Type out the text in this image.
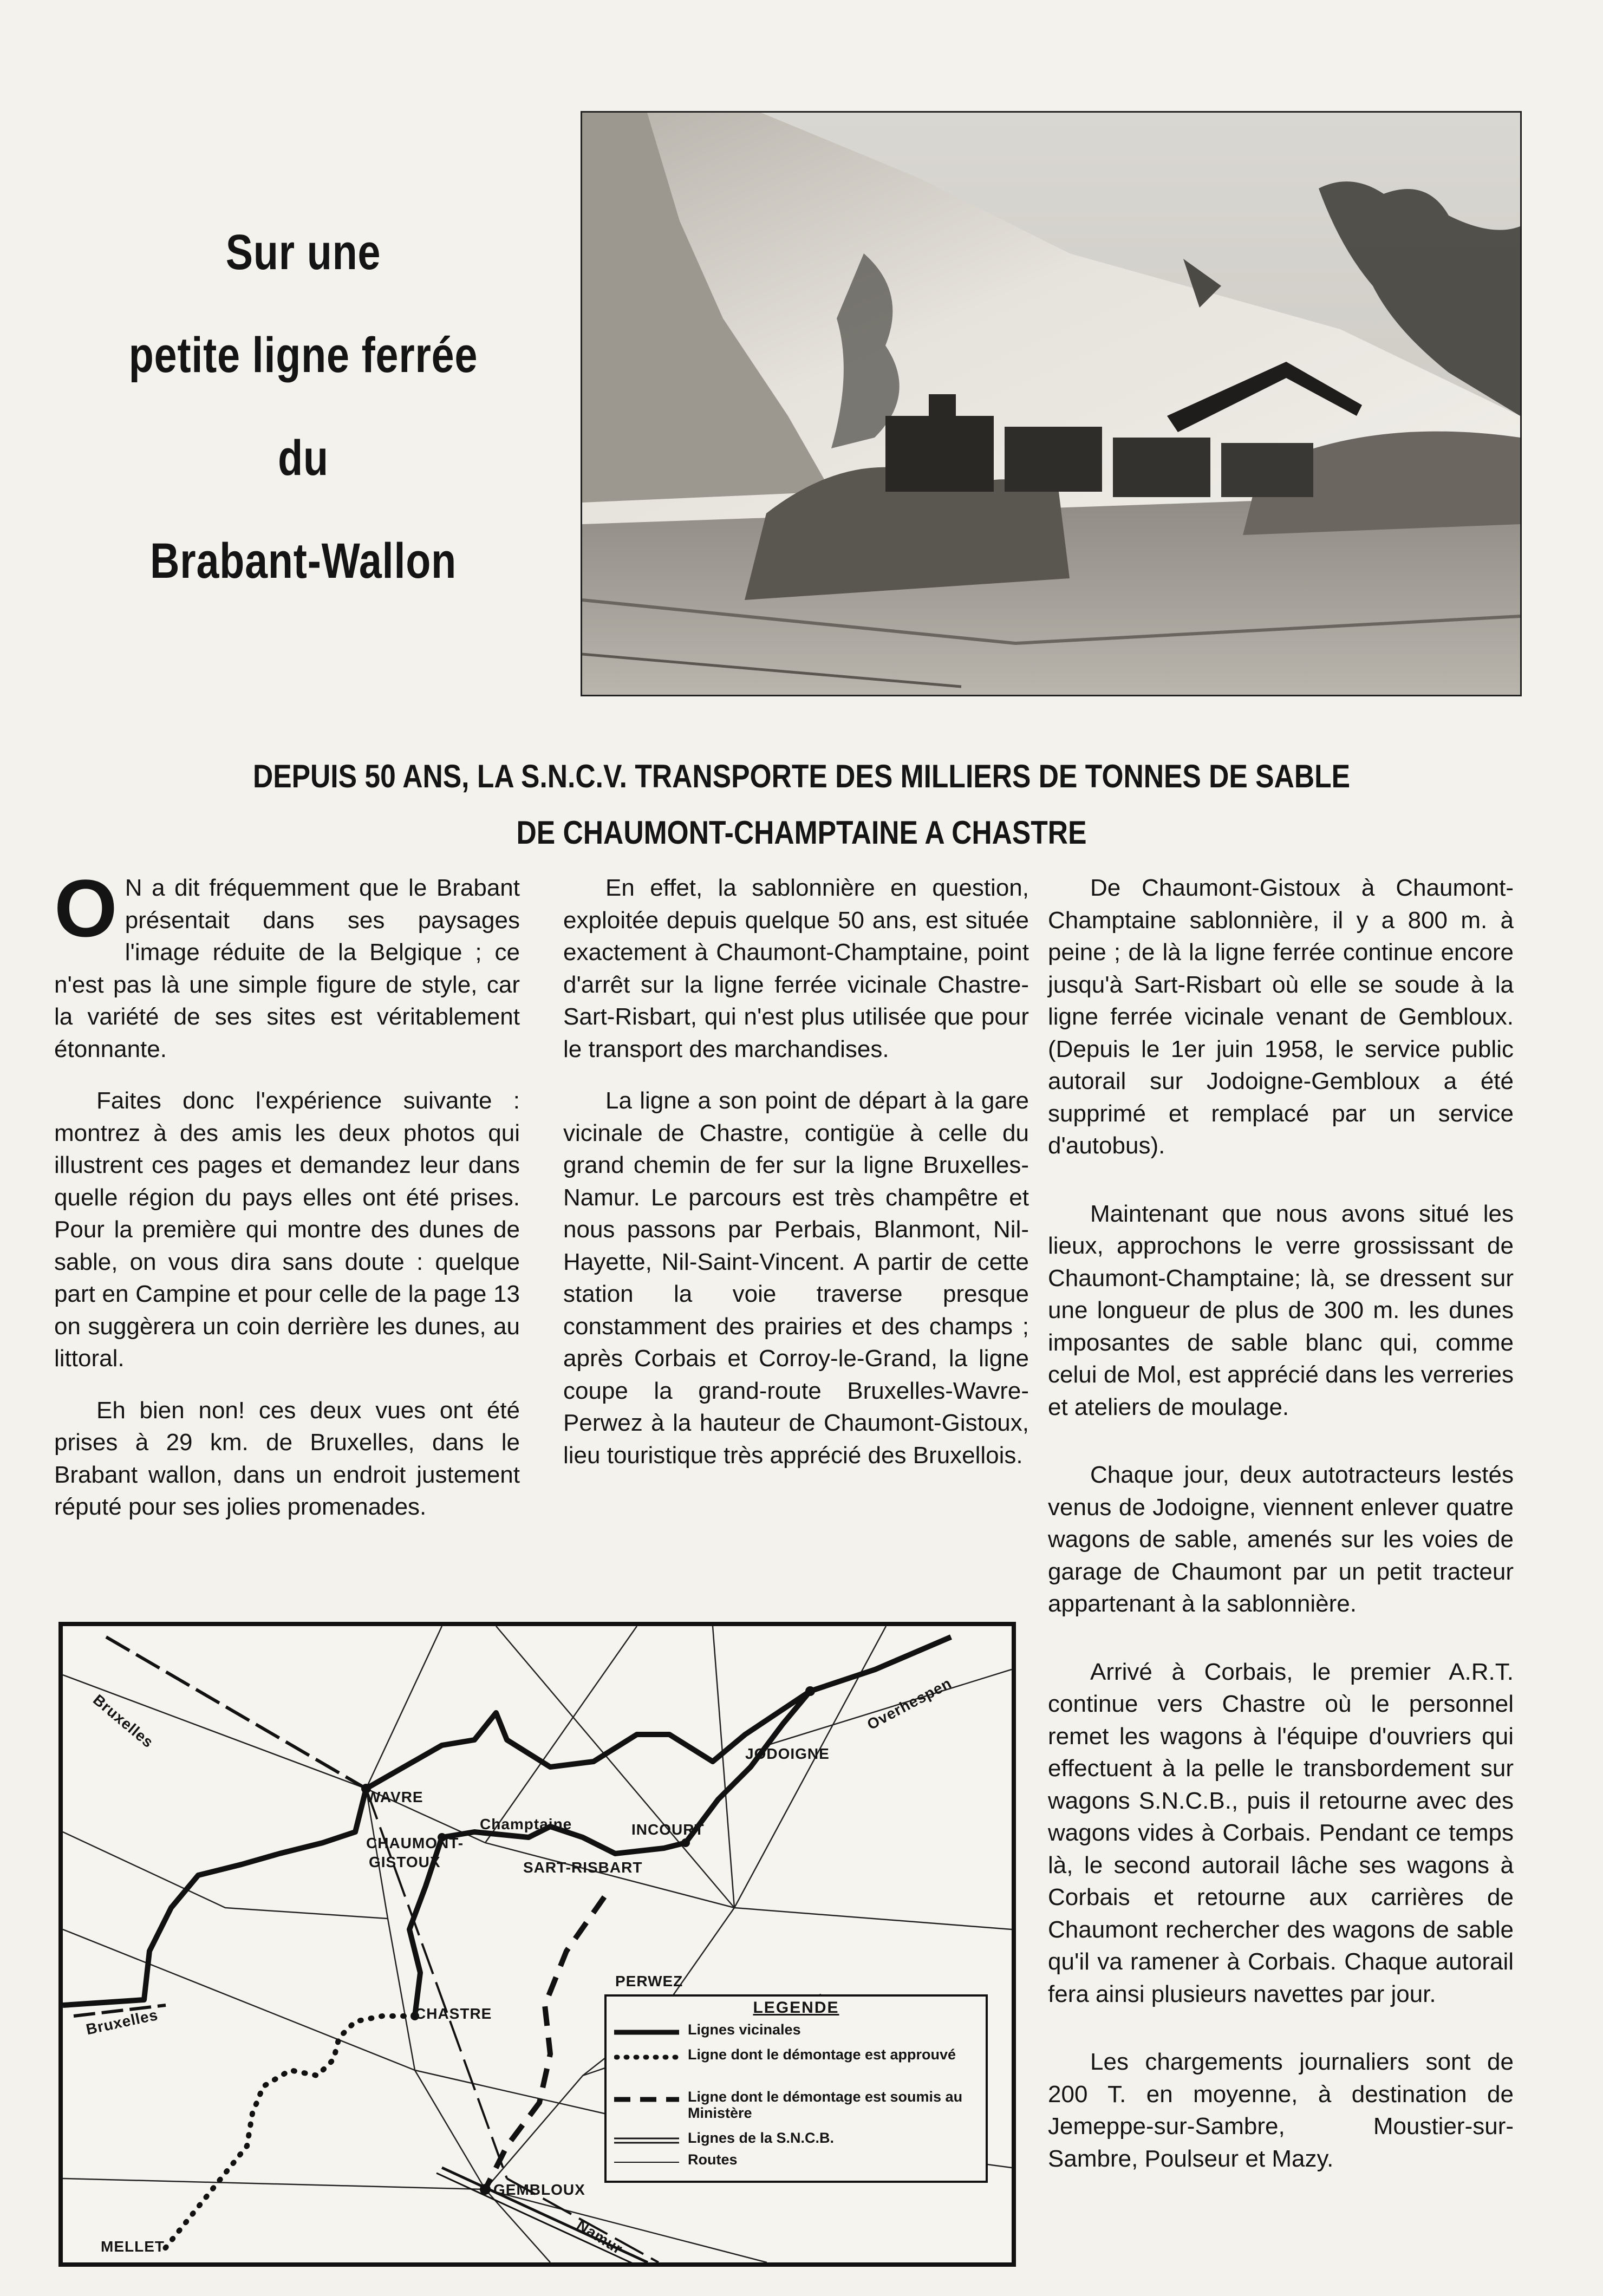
Sur une
petite ligne ferrée
du
Brabant-Wallon
DEPUIS 50 ANS, LA S.N.C.V. TRANSPORTE DES MILLIERS DE TONNES DE SABLE
DE CHAUMONT-CHAMPTAINE A CHASTRE

O N a dit fréquemment que le Brabant présentait dans ses paysages l'image réduite de la Belgique ; ce n'est pas là une simple figure de style, car la variété de ses sites est véritablement étonnante.

Faites donc l'expérience suivante : montrez à des amis les deux photos qui illustrent ces pages et demandez leur dans quelle région du pays elles ont été prises. Pour la première qui montre des dunes de sable, on vous dira sans doute : quelque part en Campine et pour celle de la page 13 on suggèrera un coin derrière les dunes, au littoral.

Eh bien non! ces deux vues ont été prises à 29 km. de Bruxelles, dans le Brabant wallon, dans un endroit justement réputé pour ses jolies promenades.

En effet, la sablonnière en question, exploitée depuis quelque 50 ans, est située exactement à Chaumont-Champtaine, point d'arrêt sur la ligne ferrée vicinale Chastre-Sart-Risbart, qui n'est plus utilisée que pour le transport des marchandises.

La ligne a son point de départ à la gare vicinale de Chastre, contigüe à celle du grand chemin de fer sur la ligne Bruxelles-Namur. Le parcours est très champêtre et nous passons par Perbais, Blanmont, Nil-Hayette, Nil-Saint-Vincent. A partir de cette station la voie traverse presque constamment des prairies et des champs ; après Corbais et Corroy-le-Grand, la ligne coupe la grand-route Bruxelles-Wavre-Perwez à la hauteur de Chaumont-Gistoux, lieu touristique très apprécié des Bruxellois.

De Chaumont-Gistoux à Chaumont-Champtaine sablonnière, il y a 800 m. à peine ; de là la ligne ferrée continue encore jusqu'à Sart-Risbart où elle se soude à la ligne ferrée vicinale venant de Gembloux. (Depuis le 1er juin 1958, le service public autorail sur Jodoigne-Gembloux a été supprimé et remplacé par un service d'autobus).

Maintenant que nous avons situé les lieux, approchons le verre grossissant de Chaumont-Champtaine; là, se dressent sur une longueur de plus de 300 m. les dunes imposantes de sable blanc qui, comme celui de Mol, est apprécié dans les verreries et ateliers de moulage.

Chaque jour, deux autotracteurs lestés venus de Jodoigne, viennent enlever quatre wagons de sable, amenés sur les voies de garage de Chaumont par un petit tracteur appartenant à la sablonnière.

Arrivé à Corbais, le premier A.R.T. continue vers Chastre où le personnel remet les wagons à l'équipe d'ouvriers qui effectuent à la pelle le transbordement sur wagons S.N.C.B., puis il retourne avec des wagons vides à Corbais. Pendant ce temps là, le second autorail lâche ses wagons à Corbais et retourne aux carrières de Chaumont rechercher des wagons de sable qu'il va ramener à Corbais. Chaque autorail fera ainsi plusieurs navettes par jour.

Les chargements journaliers sont de 200 T. en moyenne, à destination de Jemeppe-sur-Sambre, Moustier-sur-Sambre, Poulseur et Mazy.

Bruxelles
Bruxelles
WAVRE
CHAUMONT-
GISTOUX
Champtaine	INCOURT
JODOIGNE
Overhespen
SART-RISBART
PERWEZ
CHASTRE
GEMBLOUX
Namur
MELLET
LEGENDE
Lignes vicinales
Ligne dont le démontage est approuvé
Ligne dont le démontage est soumis au Ministère
Lignes de la S.N.C.B.
Routes
